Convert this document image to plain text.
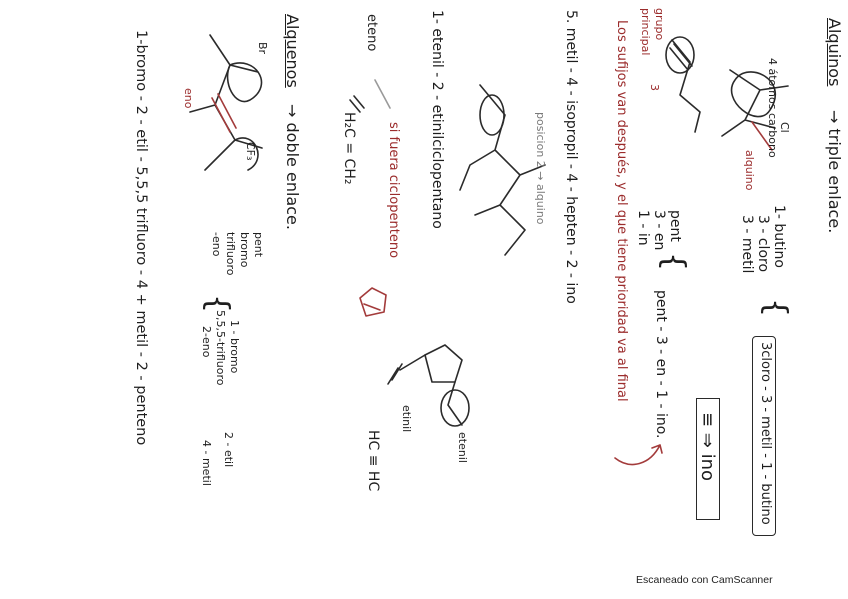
Alquinos
→ triple enlace.
1- butino
3 - cloro
3 - metil
{
3cloro - 3 - metil - 1 - butino
4 átomos carbono Cl
alquino
≡ ⇒ ino
pent
3 - en
1 - in
{
pent - 3 - en - 1 - ino.
grupo
principal
3
Los sufijos van después, y el que tiene prioridad va al final
5. metil - 4 - isopropil - 4 - hepten - 2 - ino
posicion 2 → alquino
1- etenil - 2 - etinilciclopentano
etinil
etenil
HC ≡ HC
si fuera ciclopenteno
eteno
H₂C = CH₂
Alquenos
→ doble enlace.
Br
CF₃
eno
pent
bromo
trifluoro
-eno
{
1 - bromo
5,5,5-trifluoro
2-eno
2 - etil
4 - metil
1-bromo - 2 - etil - 5,5,5 trifluoro - 4 + metil - 2 - penteno
Escaneado con CamScanner
